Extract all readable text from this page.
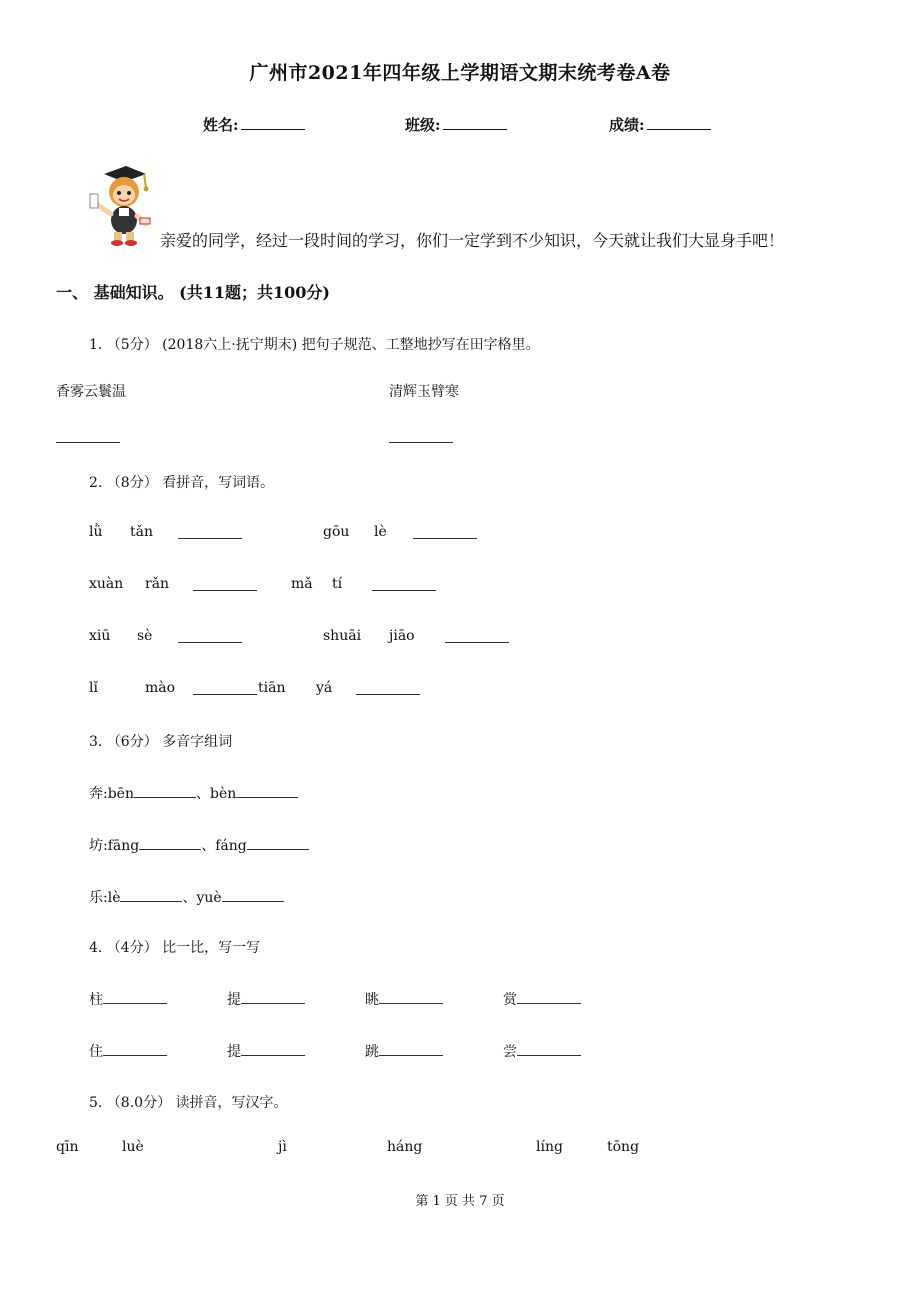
广州市2021年四年级上学期语文期末统考卷A卷
姓名:	班级:	成绩:
亲爱的同学，经过一段时间的学习，你们一定学到不少知识，今天就让我们大显身手吧！
一、 基础知识。 (共11题；共100分)
1. （5分） (2018六上·抚宁期末) 把句子规范、工整地抄写在田字格里。
香雾云鬟温	清辉玉臂寒
2. （8分） 看拼音，写词语。
lǜ tǎn	gōu lè
xuàn rǎn	mǎ tí
xiū sè	shuāi jiāo
lǐ	mào	tiān yá
3. （6分） 多音字组词
奔:bēn	、bèn
坊:fāng	、fáng
乐:lè	、yuè
4. （4分） 比一比，写一写
柱	提	眺	赏
住	提	跳	尝
5. （8.0分） 读拼音，写汉字。
qīn	luè	jì	háng	líng	tōng
第 1 页 共 7 页
